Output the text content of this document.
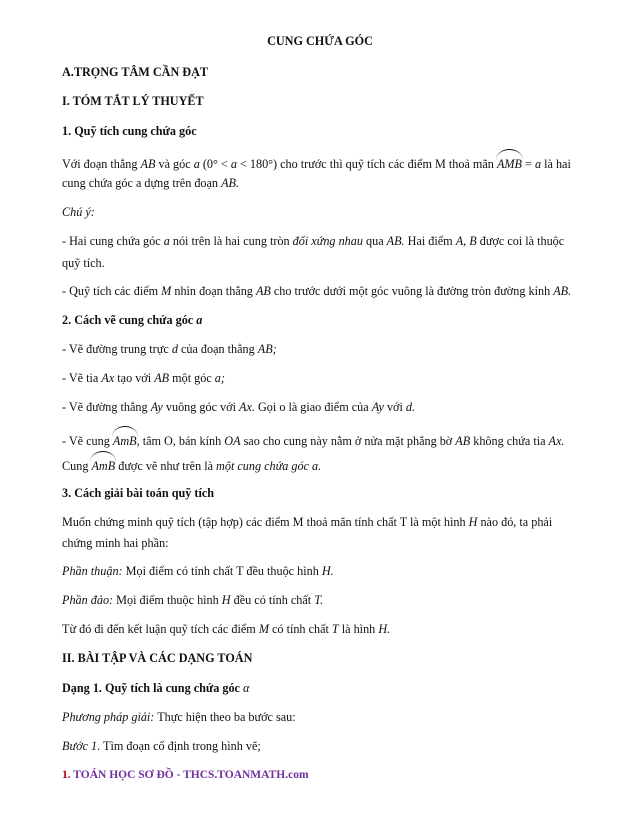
CUNG CHỨA GÓC
A.TRỌNG TÂM CẦN ĐẠT
I. TÓM TẮT LÝ THUYẾT
1. Quỹ tích cung chứa góc
Với đoạn thẳng AB và góc a (0° < a < 180°) cho trước thì quỹ tích các điểm M thoả mãn AMB = a là hai
cung chứa góc a dựng trên đoạn AB.
Chú ý:
- Hai cung chứa góc a nói trên là hai cung tròn đối xứng nhau qua AB. Hai điểm A, B được coi là thuộc
quỹ tích.
- Quỹ tích các điểm M nhìn đoạn thẳng AB cho trước dưới một góc vuông là đường tròn đường kính AB.
2. Cách vẽ cung chứa góc a
- Vẽ đường trung trực d của đoạn thẳng AB;
- Vẽ tia Ax tạo với AB một góc a;
- Vẽ đường thẳng Ay vuông góc với Ax. Gọi o là giao điểm của Ay với d.
- Vẽ cung AmB, tâm O, bán kính OA sao cho cung này nằm ở nửa mặt phẳng bờ AB không chứa tia Ax.
Cung AmB được vẽ như trên là một cung chứa góc a.
3. Cách giải bài toán quỹ tích
Muốn chứng minh quỹ tích (tập hợp) các điểm M thoả mãn tính chất T là một hình H nào đó, ta phải
chứng minh hai phần:
Phần thuận: Mọi điểm có tính chất T đều thuộc hình H.
Phần đảo: Mọi điểm thuộc hình H đều có tính chất T.
Từ đó đi đến kết luận quỹ tích các điểm M có tính chất T là hình H.
II. BÀI TẬP VÀ CÁC DẠNG TOÁN
Dạng 1. Quỹ tích là cung chứa góc α
Phương pháp giải: Thực hiện theo ba bước sau:
Bước 1. Tìm đoạn cố định trong hình vẽ;
1. TOÁN HỌC SƠ ĐỒ - THCS.TOANMATH.com
